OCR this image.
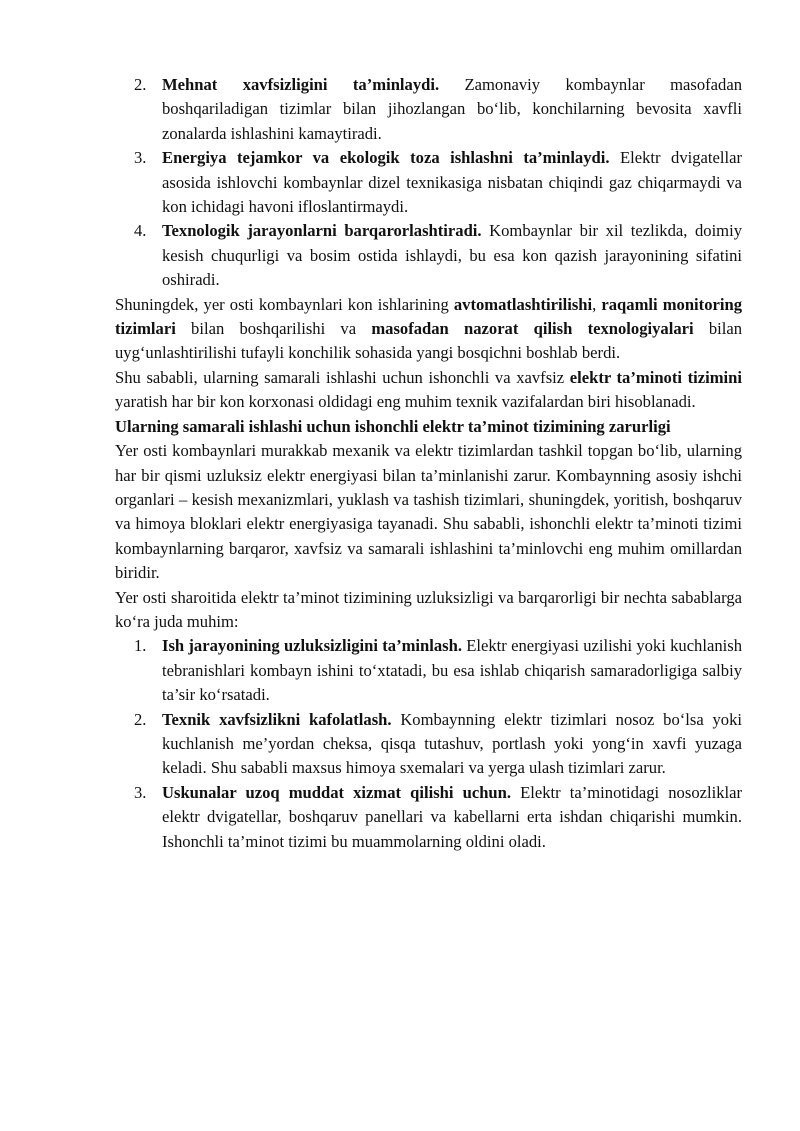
2. Mehnat xavfsizligini ta’minlaydi. Zamonaviy kombaynlar masofadan boshqariladigan tizimlar bilan jihozlangan bo‘lib, konchilarning bevosita xavfli zonalarda ishlashini kamaytiradi.
3. Energiya tejamkor va ekologik toza ishlashni ta’minlaydi. Elektr dvigatellar asosida ishlovchi kombaynlar dizel texnikasiga nisbatan chiqindi gaz chiqarmaydi va kon ichidagi havoni ifloslantirmaydi.
4. Texnologik jarayonlarni barqarorlashtiradi. Kombaynlar bir xil tezlikda, doimiy kesish chuqurligi va bosim ostida ishlaydi, bu esa kon qazish jarayonining sifatini oshiradi.

Shuningdek, yer osti kombaynlari kon ishlarining avtomatlashtirilishi, raqamli monitoring tizimlari bilan boshqarilishi va masofadan nazorat qilish texnologiyalari bilan uyg‘unlashtirilishi tufayli konchilik sohasida yangi bosqichni boshlab berdi.

Shu sababli, ularning samarali ishlashi uchun ishonchli va xavfsiz elektr ta’minoti tizimini yaratish har bir kon korxonasi oldidagi eng muhim texnik vazifalardan biri hisoblanadi.

Ularning samarali ishlashi uchun ishonchli elektr ta’minot tizimining zarurligi

Yer osti kombaynlari murakkab mexanik va elektr tizimlardan tashkil topgan bo‘lib, ularning har bir qismi uzluksiz elektr energiyasi bilan ta’minlanishi zarur. Kombaynning asosiy ishchi organlari – kesish mexanizmlari, yuklash va tashish tizimlari, shuningdek, yoritish, boshqaruv va himoya bloklari elektr energiyasiga tayanadi. Shu sababli, ishonchli elektr ta’minoti tizimi kombaynlarning barqaror, xavfsiz va samarali ishlashini ta’minlovchi eng muhim omillardan biridir.

Yer osti sharoitida elektr ta’minot tizimining uzluksizligi va barqarorligi bir nechta sabablarga ko‘ra juda muhim:

1. Ish jarayonining uzluksizligini ta’minlash. Elektr energiyasi uzilishi yoki kuchlanish tebranishlari kombayn ishini to‘xtatadi, bu esa ishlab chiqarish samaradorligiga salbiy ta’sir ko‘rsatadi.
2. Texnik xavfsizlikni kafolatlash. Kombaynning elektr tizimlari nosoz bo‘lsa yoki kuchlanish me’yordan cheksa, qisqa tutashuv, portlash yoki yong‘in xavfi yuzaga keladi. Shu sababli maxsus himoya sxemalari va yerga ulash tizimlari zarur.
3. Uskunalar uzoq muddat xizmat qilishi uchun. Elektr ta’minotidagi nosozliklar elektr dvigatellar, boshqaruv panellari va kabellarni erta ishdan chiqarishi mumkin. Ishonchli ta’minot tizimi bu muammolarning oldini oladi.
